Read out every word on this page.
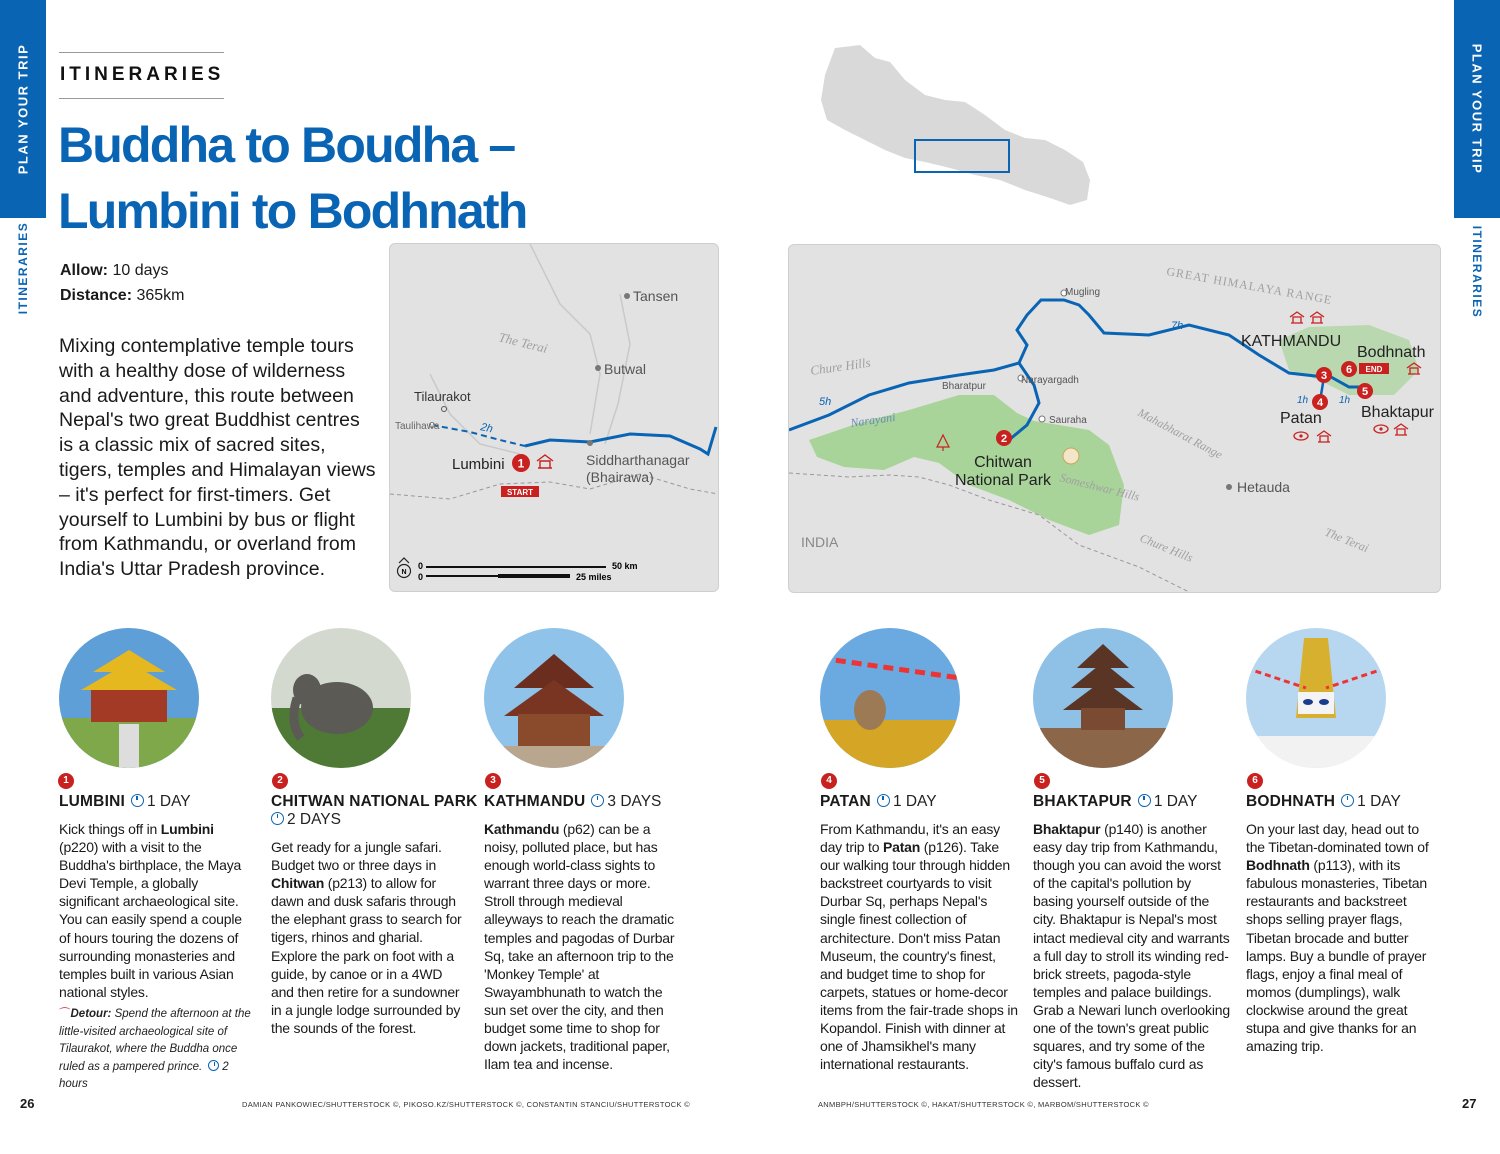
PLAN YOUR TRIP
ITINERARIES
PLAN YOUR TRIP
ITINERARIES
ITINERARIES
Buddha to Boudha –
Lumbini to Bodhnath
Allow: 10 days
Distance: 365km
Mixing contemplative temple tours with a healthy dose of wilderness and adventure, this route between Nepal's two great Buddhist centres is a classic mix of sacred sites, tigers, temples and Himalayan views – it's perfect for first-timers. Get yourself to Lumbini by bus or flight from Kathmandu, or overland from India's Uttar Pradesh province.
1
START
Tansen
The Terai
Butwal
Tilaurakot
Taulihawa	2h
Lumbini	Siddharthanagar
(Bhairawa)
N
0	50 km
0	25 miles
GREAT HIMALAYA RANGE
Mugling
Chure Hills
Bharatpur
Narayargadh
Narayani	Sauraha
5h
7h
2
Chitwan
National Park Someshwar Hills
Mahabharat Range
KATHMANDU
Bodhnath
Patan Bhaktapur
1h	1h
3
4
5
6 END
Hetauda
INDIA	Chure Hills	The Terai
1
LUMBINI 1 DAY
Kick things off in Lumbini (p220) with a visit to the Buddha's birthplace, the Maya Devi Temple, a globally significant archaeological site. You can easily spend a couple of hours touring the dozens of surrounding monasteries and temples built in various Asian national styles.
⌒Detour: Spend the afternoon at the little-visited archaeological site of Tilaurakot, where the Buddha once ruled as a pampered prince. 2 hours
2
CHITWAN NATIONAL PARK
2 DAYS
Get ready for a jungle safari. Budget two or three days in Chitwan (p213) to allow for dawn and dusk safaris through the elephant grass to search for tigers, rhinos and gharial. Explore the park on foot with a guide, by canoe or in a 4WD and then retire for a sundowner in a jungle lodge surrounded by the sounds of the forest.
3
KATHMANDU 3 DAYS
Kathmandu (p62) can be a noisy, polluted place, but has enough world-class sights to warrant three days or more. Stroll through medieval alleyways to reach the dramatic temples and pagodas of Durbar Sq, take an afternoon trip to the 'Monkey Temple' at Swayambhunath to watch the sun set over the city, and then budget some time to shop for down jackets, traditional paper, Ilam tea and incense.
4
PATAN 1 DAY
From Kathmandu, it's an easy day trip to Patan (p126). Take our walking tour through hidden backstreet courtyards to visit Durbar Sq, perhaps Nepal's single finest collection of architecture. Don't miss Patan Museum, the country's finest, and budget time to shop for carpets, statues or home-decor items from the fair-trade shops in Kopandol. Finish with dinner at one of Jhamsikhel's many international restaurants.
5
BHAKTAPUR 1 DAY
Bhaktapur (p140) is another easy day trip from Kathmandu, though you can avoid the worst of the capital's pollution by basing yourself outside of the city. Bhaktapur is Nepal's most intact medieval city and warrants a full day to stroll its winding red-brick streets, pagoda-style temples and palace buildings. Grab a Newari lunch overlooking one of the town's great public squares, and try some of the city's famous buffalo curd as dessert.
6
BODHNATH 1 DAY
On your last day, head out to the Tibetan-dominated town of Bodhnath (p113), with its fabulous monasteries, Tibetan restaurants and backstreet shops selling prayer flags, Tibetan brocade and butter lamps. Buy a bundle of prayer flags, enjoy a final meal of momos (dumplings), walk clockwise around the great stupa and give thanks for an amazing trip.
26	DAMIAN PANKOWIEC/SHUTTERSTOCK ©, PIKOSO.KZ/SHUTTERSTOCK ©, CONSTANTIN STANCIU/SHUTTERSTOCK ©	ANMBPH/SHUTTERSTOCK ©, HAKAT/SHUTTERSTOCK ©, MARBOM/SHUTTERSTOCK ©	27
